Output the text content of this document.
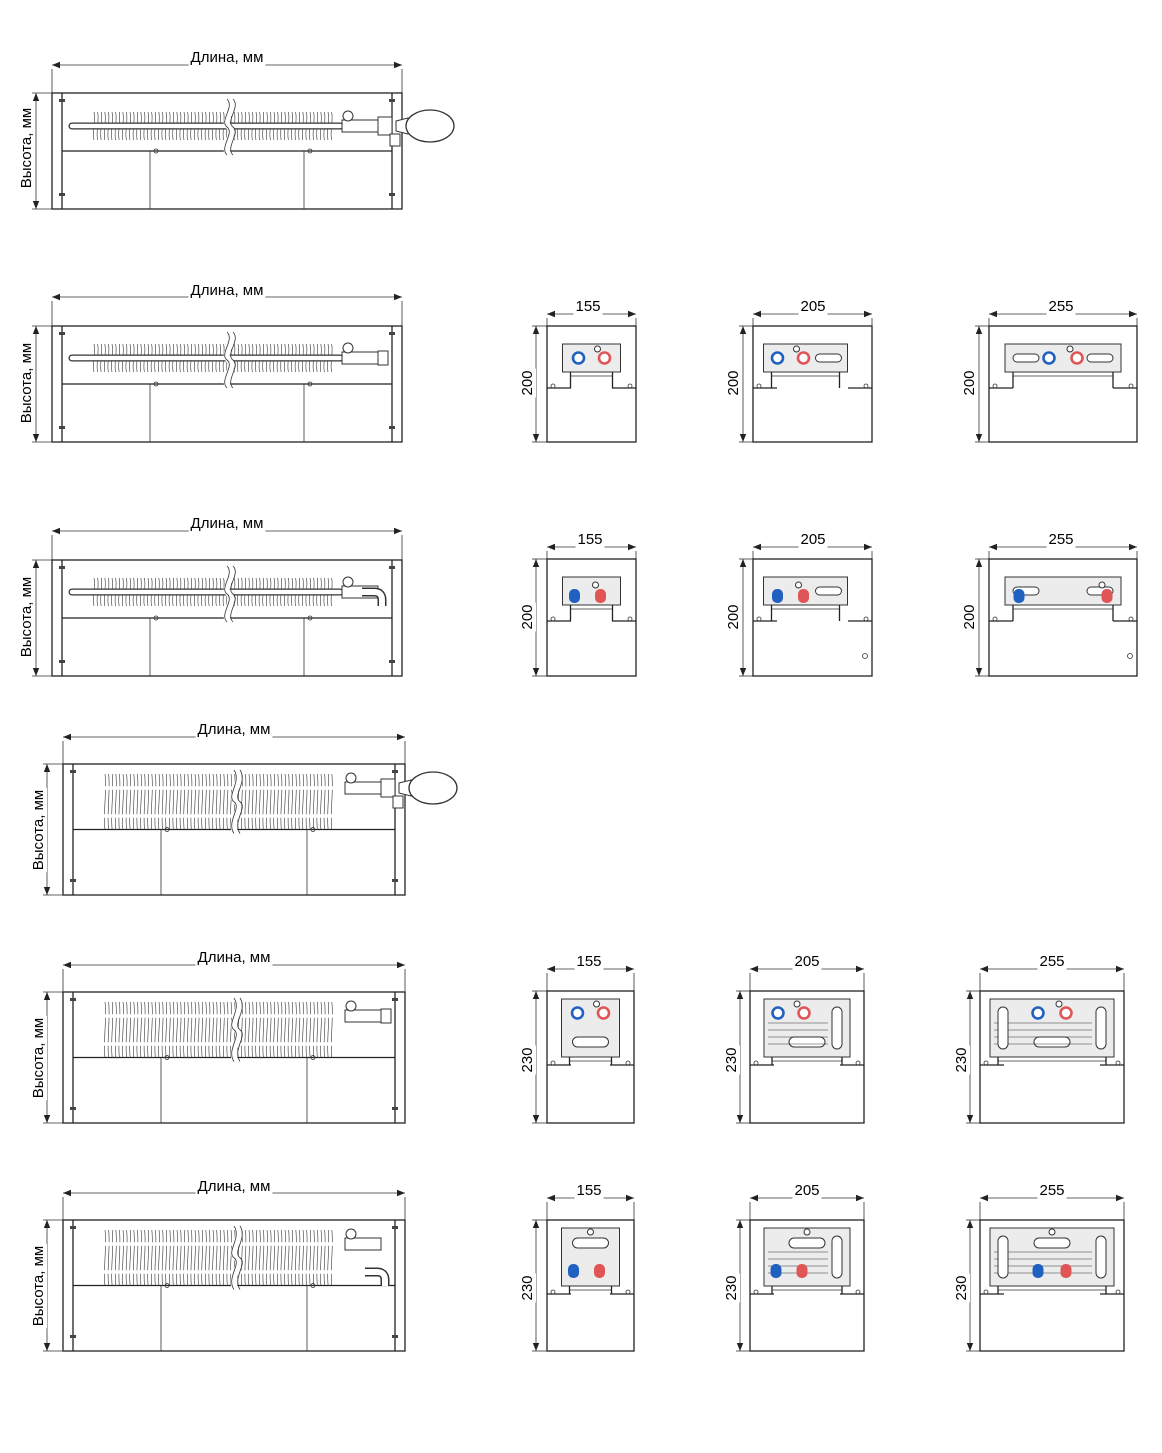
Длина, мм
Высота, мм
Длина, мм
Высота, мм
Длина, мм
Высота, мм
Длина, мм
Высота, мм
Длина, мм
Высота, мм
Длина, мм
Высота, мм
155
200
205
200
255
200
155
200
205
200
255
200
155
230
205
230
255
230
155
230
205
230
255
230
